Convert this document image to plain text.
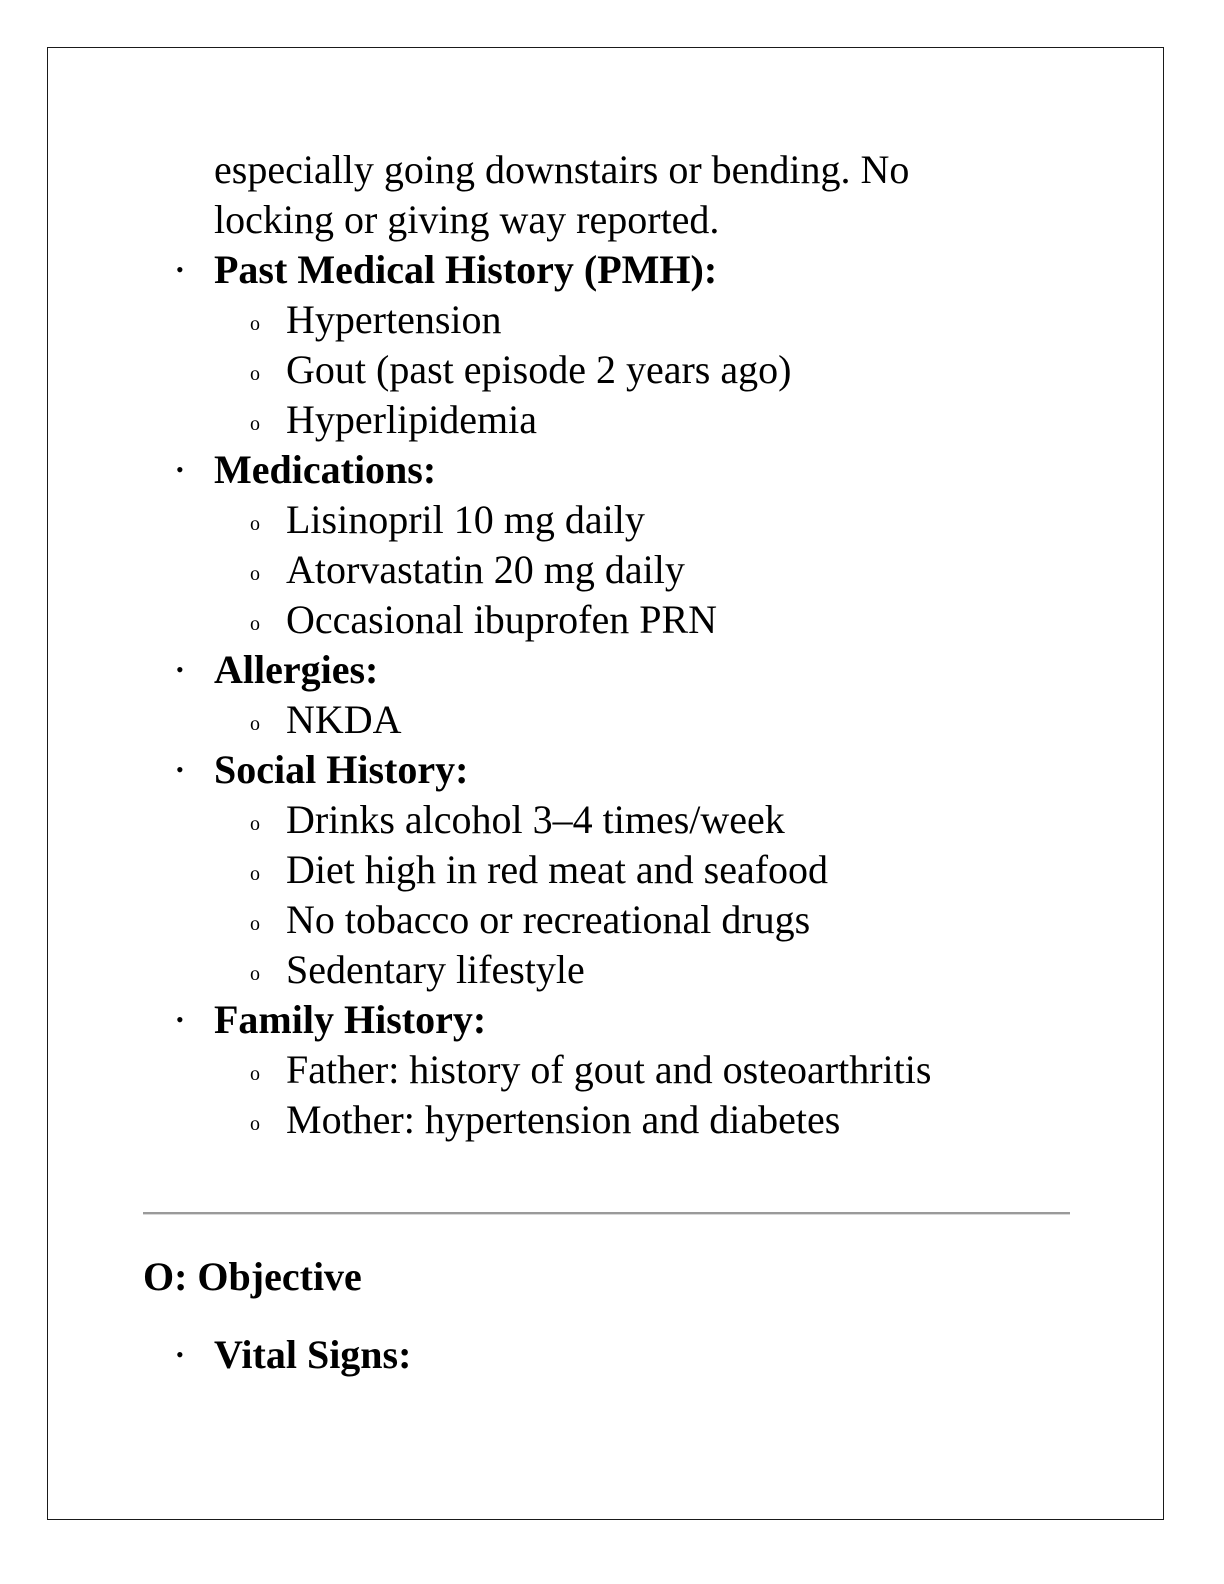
especially going downstairs or bending. No
locking or giving way reported.
• Past Medical History (PMH):
o Hypertension
o Gout (past episode 2 years ago)
o Hyperlipidemia
• Medications:
o Lisinopril 10 mg daily
o Atorvastatin 20 mg daily
o Occasional ibuprofen PRN
• Allergies:
o NKDA
• Social History:
o Drinks alcohol 3–4 times/week
o Diet high in red meat and seafood
o No tobacco or recreational drugs
o Sedentary lifestyle
• Family History:
o Father: history of gout and osteoarthritis
o Mother: hypertension and diabetes
O: Objective
• Vital Signs:
